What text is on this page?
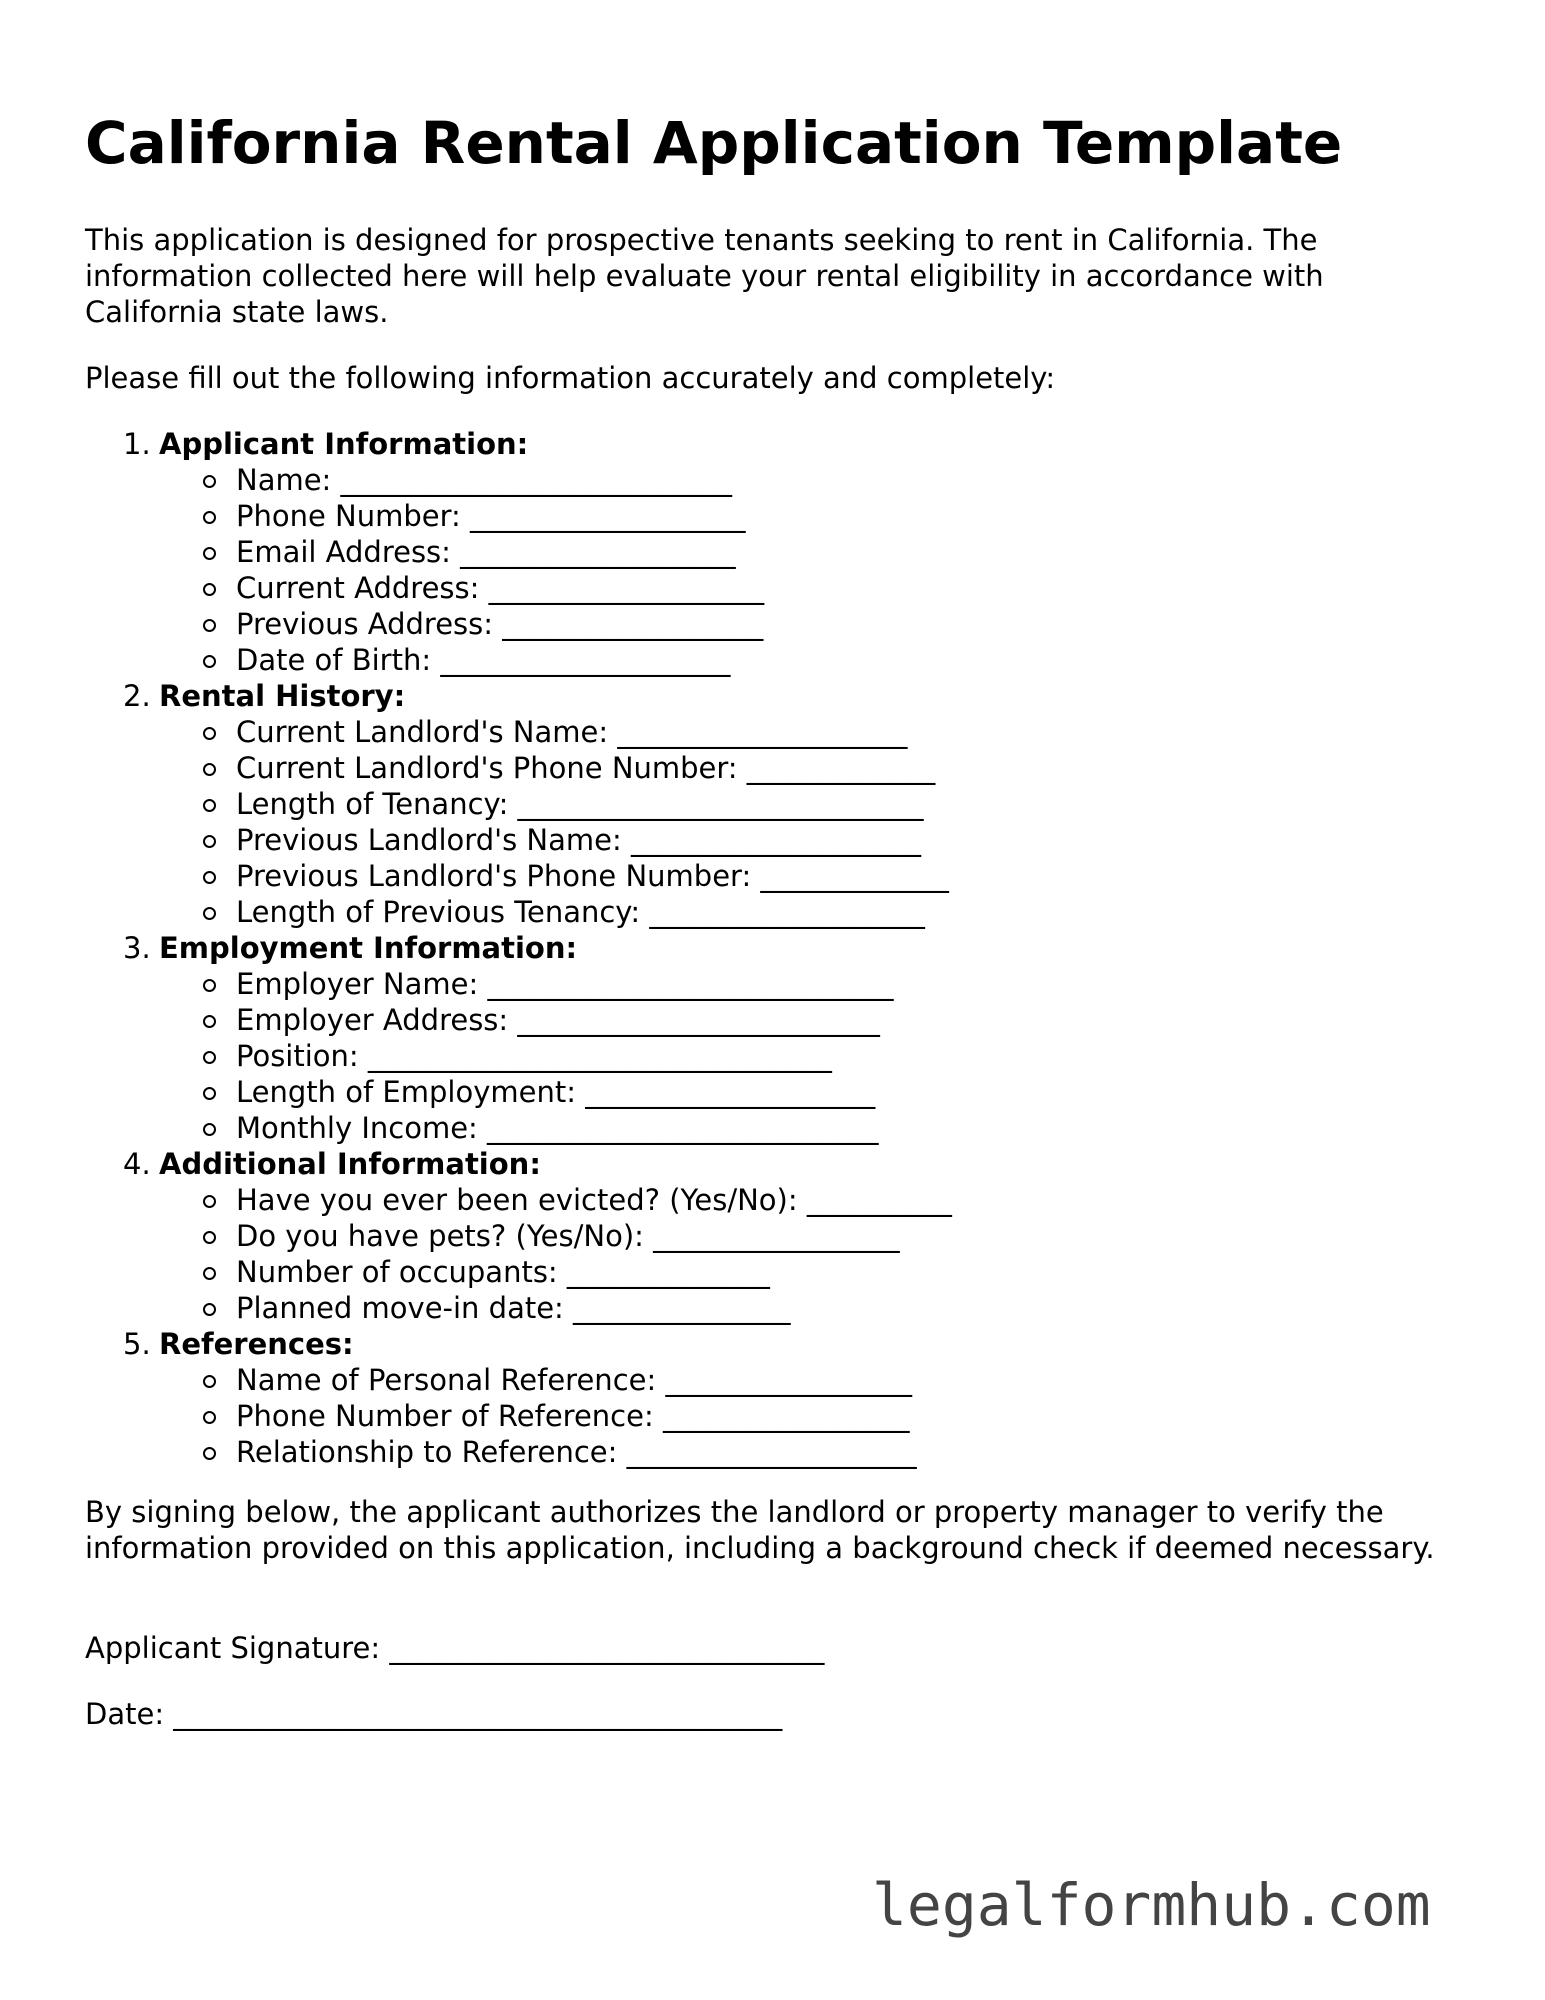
California Rental Application Template

This application is designed for prospective tenants seeking to rent in California. The information collected here will help evaluate your rental eligibility in accordance with California state laws.

Please fill out the following information accurately and completely:

1. Applicant Information:
Name: ___________________________
Phone Number: ___________________
Email Address: ___________________
Current Address: ___________________
Previous Address: __________________
Date of Birth: ____________________
2. Rental History:
Current Landlord's Name: ____________________
Current Landlord's Phone Number: _____________
Length of Tenancy: ____________________________
Previous Landlord's Name: ____________________
Previous Landlord's Phone Number: _____________
Length of Previous Tenancy: ___________________
3. Employment Information:
Employer Name: ____________________________
Employer Address: _________________________
Position: ________________________________
Length of Employment: ____________________
Monthly Income: ___________________________
4. Additional Information:
Have you ever been evicted? (Yes/No): __________
Do you have pets? (Yes/No): _________________
Number of occupants: ______________
Planned move-in date: _______________
5. References:
Name of Personal Reference: _________________
Phone Number of Reference: _________________
Relationship to Reference: ____________________

By signing below, the applicant authorizes the landlord or property manager to verify the information provided on this application, including a background check if deemed necessary.

Applicant Signature: ______________________________

Date: __________________________________________

legalformhub.com
